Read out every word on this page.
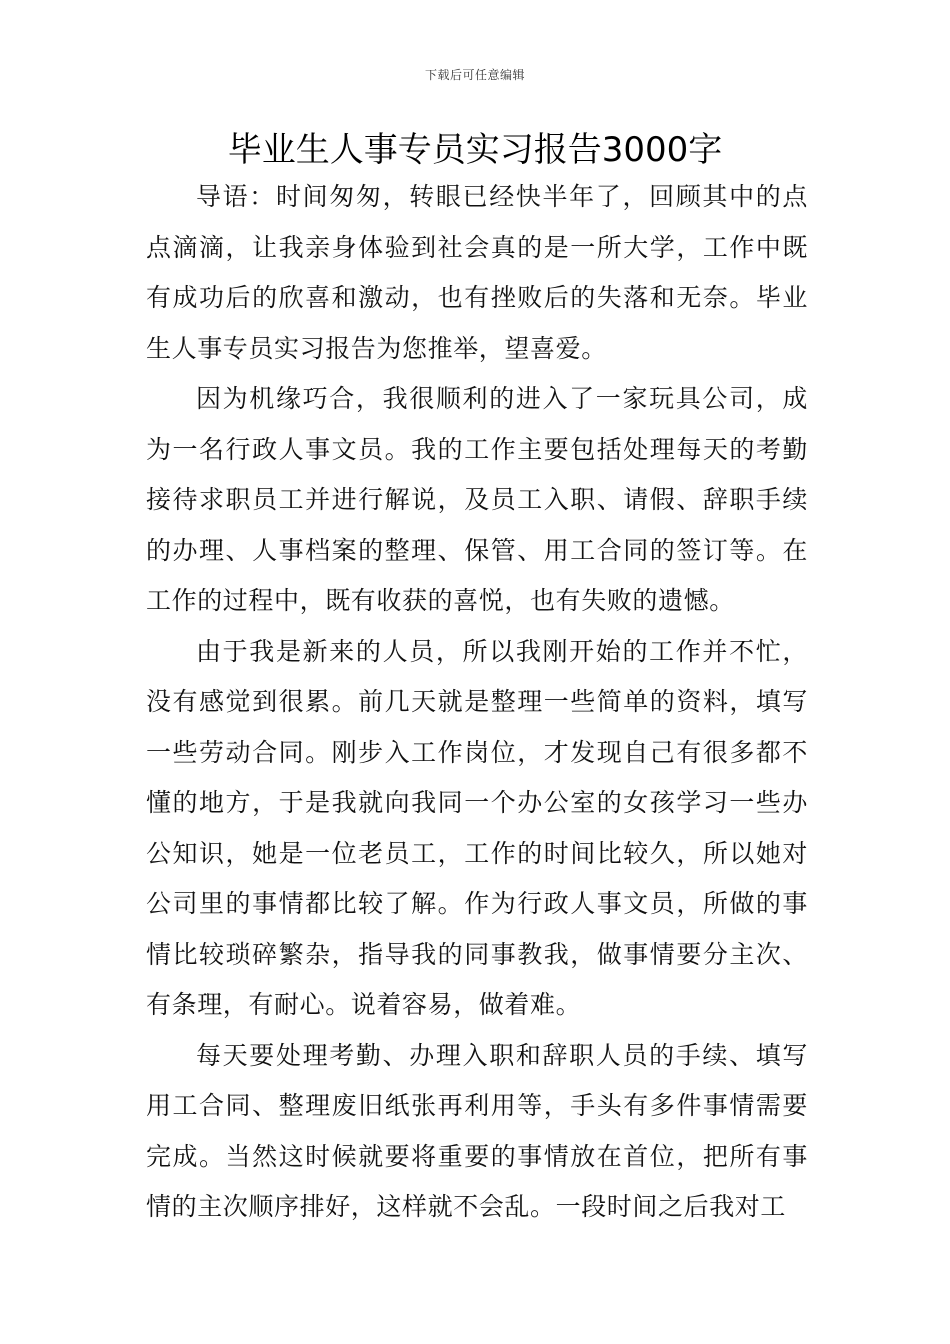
下载后可任意编辑
毕业生人事专员实习报告3000字

导语：时间匆匆，转眼已经快半年了，回顾其中的点点滴滴，让我亲身体验到社会真的是一所大学，工作中既有成功后的欣喜和激动，也有挫败后的失落和无奈。毕业生人事专员实习报告为您推举，望喜爱。

因为机缘巧合，我很顺利的进入了一家玩具公司，成为一名行政人事文员。我的工作主要包括处理每天的考勤接待求职员工并进行解说，及员工入职、请假、辞职手续的办理、人事档案的整理、保管、用工合同的签订等。在工作的过程中，既有收获的喜悦，也有失败的遗憾。

由于我是新来的人员，所以我刚开始的工作并不忙，没有感觉到很累。前几天就是整理一些简单的资料，填写一些劳动合同。刚步入工作岗位，才发现自己有很多都不懂的地方，于是我就向我同一个办公室的女孩学习一些办公知识，她是一位老员工，工作的时间比较久，所以她对公司里的事情都比较了解。作为行政人事文员，所做的事情比较琐碎繁杂，指导我的同事教我，做事情要分主次、有条理，有耐心。说着容易，做着难。

每天要处理考勤、办理入职和辞职人员的手续、填写用工合同、整理废旧纸张再利用等，手头有多件事情需要完成。当然这时候就要将重要的事情放在首位，把所有事情的主次顺序排好，这样就不会乱。一段时间之后我对工
